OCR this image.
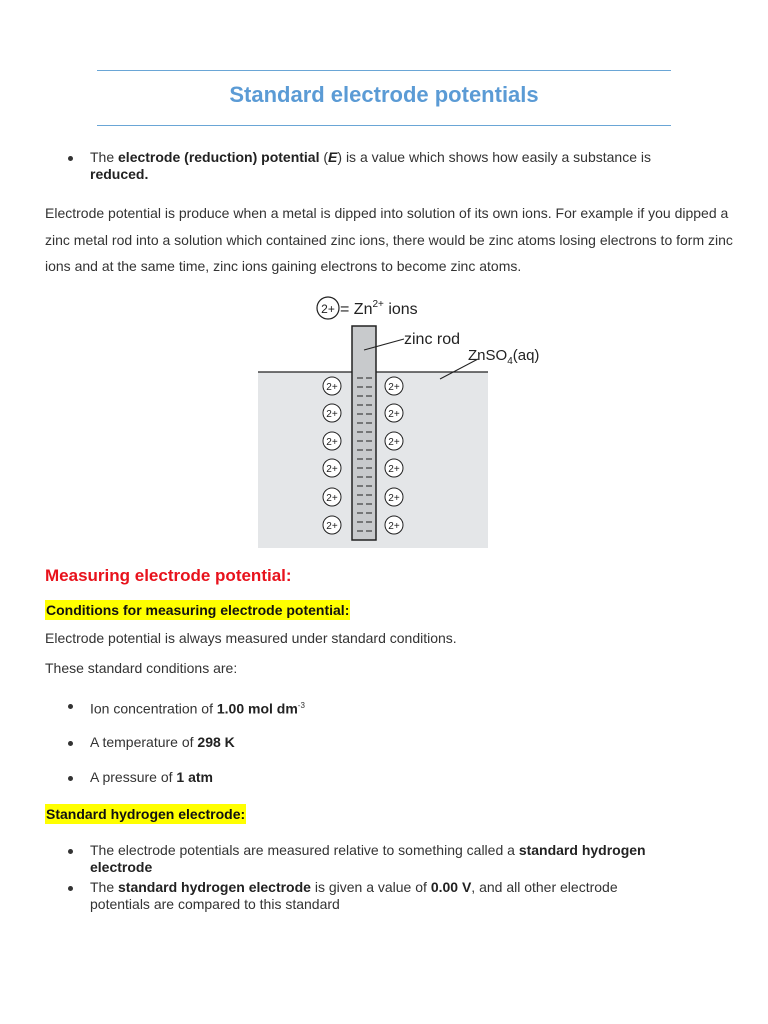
Standard electrode potentials
The electrode (reduction) potential (E) is a value which shows how easily a substance is reduced.

Electrode potential is produce when a metal is dipped into solution of its own ions. For example if you dipped a zinc metal rod into a solution which contained zinc ions, there would be zinc atoms losing electrons to form zinc ions and at the same time, zinc ions gaining electrons to become zinc atoms.

2+	2+
2+	2+
2+	2+
2+	2+
2+	2+
2+	2+
$2+ = Zn^{2+}$ ions
zinc rod
ZnSO$_4$(aq)
Measuring electrode potential:

Conditions for measuring electrode potential:

Electrode potential is always measured under standard conditions.

These standard conditions are:

Ion concentration of 1.00 mol $dm^{-3}$
A temperature of 298 K
A pressure of 1 atm

Standard hydrogen electrode:

The electrode potentials are measured relative to something called a standard hydrogen electrode
The standard hydrogen electrode is given a value of 0.00 V, and all other electrode potentials are compared to this standard
